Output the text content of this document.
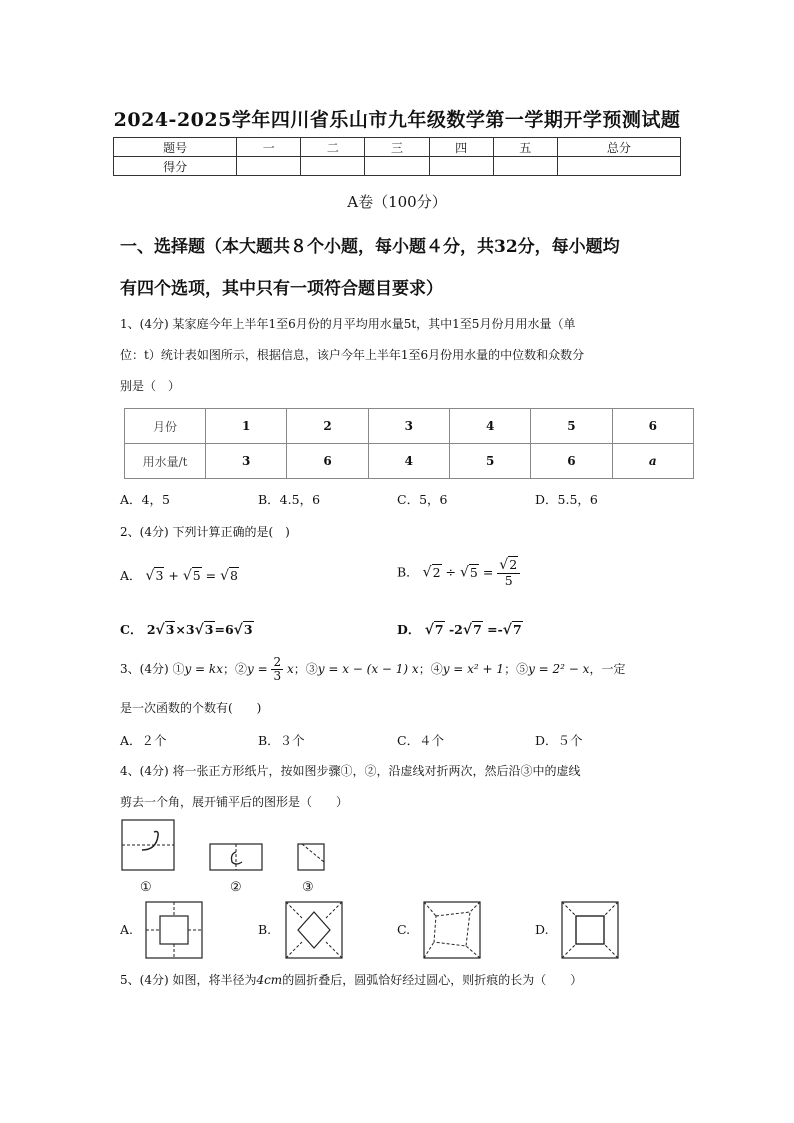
2024-2025学年四川省乐山市九年级数学第一学期开学预测试题
题号	一	二	三	四	五	总分
得分						
A卷（100分）
一、选择题（本大题共８个小题，每小题４分，共32分，每小题均
有四个选项，其中只有一项符合题目要求）
1、(4分) 某家庭今年上半年1至6月份的月平均用水量5t，其中1至5月份月用水量（单
位：t）统计表如图所示，根据信息，该户今年上半年1至6月份用水量的中位数和众数分
别是（　）
月份	1	2	3	4	5	6
用水量/t	3	6	4	5	6	a
A．4，5	B．4.5，6	C．5，6	D．5.5，6
2、(4分) 下列计算正确的是(　)
A． √3 + √5 = √8	B． $√2 \div √5 = \frac{√2}{5}$
C． 2√3×3√3=6√3	D． √7 -2√7 =-√7
3、(4分) ①y = kx；②y = $\frac{2}{3}$ x；③y = x − (x − 1) x；④y = x² + 1；⑤y = 2² − x，一定
是一次函数的个数有(　　)
A．２个	B．３个	C．４个	D．５个
4、(4分) 将一张正方形纸片，按如图步骤①，②，沿虚线对折两次，然后沿③中的虚线
剪去一个角，展开铺平后的图形是（　　）
①	②	③
A.	B.	C.	D.
5、(4分) 如图，将半径为4cm的圆折叠后，圆弧恰好经过圆心，则折痕的长为（　　）
